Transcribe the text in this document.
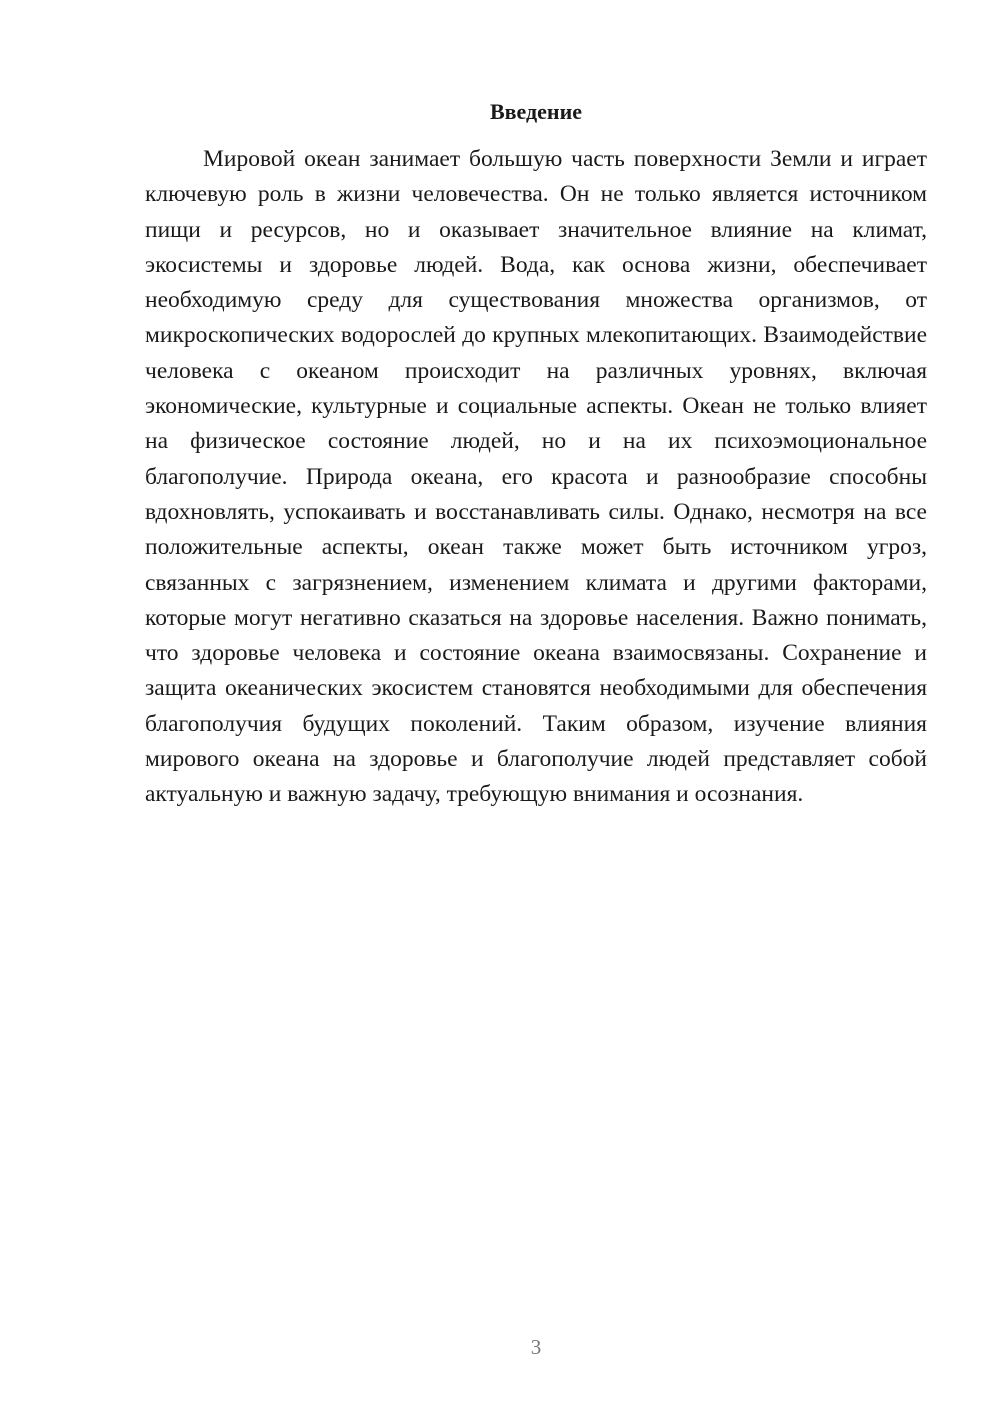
Введение

Мировой океан занимает большую часть поверхности Земли и играет ключевую роль в жизни человечества. Он не только является источником пищи и ресурсов, но и оказывает значительное влияние на климат, экосистемы и здоровье людей. Вода, как основа жизни, обеспечивает необходимую среду для существования множества организмов, от микроскопических водорослей до крупных млекопитающих. Взаимодействие человека с океаном происходит на различных уровнях, включая экономические, культурные и социальные аспекты. Океан не только влияет на физическое состояние людей, но и на их психоэмоциональное благополучие. Природа океана, его красота и разнообразие способны вдохновлять, успокаивать и восстанавливать силы. Однако, несмотря на все положительные аспекты, океан также может быть источником угроз, связанных с загрязнением, изменением климата и другими факторами, которые могут негативно сказаться на здоровье населения. Важно понимать, что здоровье человека и состояние океана взаимосвязаны. Сохранение и защита океанических экосистем становятся необходимыми для обеспечения благополучия будущих поколений. Таким образом, изучение влияния мирового океана на здоровье и благополучие людей представляет собой актуальную и важную задачу, требующую внимания и осознания.

3
